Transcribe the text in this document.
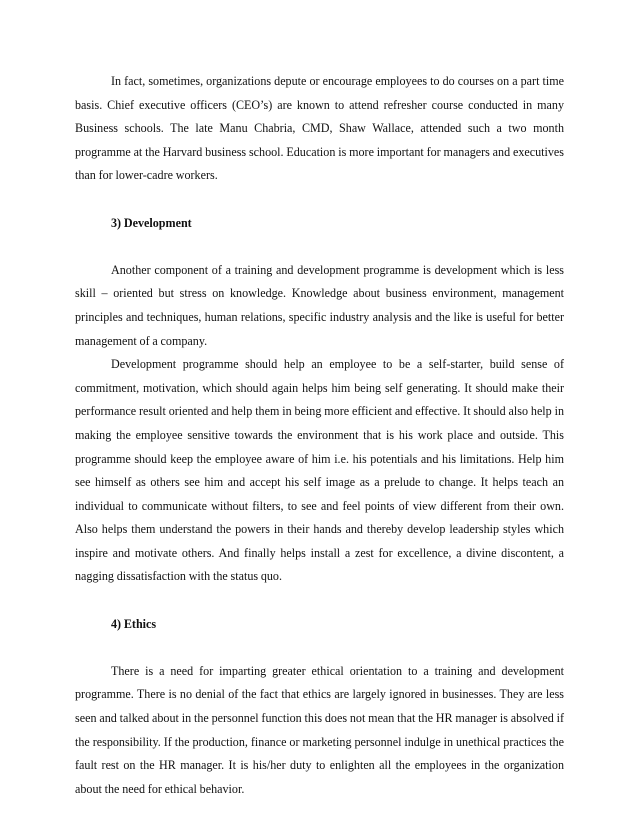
In fact, sometimes, organizations depute or encourage employees to do courses on a part time basis. Chief executive officers (CEO’s) are known to attend refresher course conducted in many Business schools. The late Manu Chabria, CMD, Shaw Wallace, attended such a two month programme at the Harvard business school. Education is more important for managers and executives than for lower-cadre workers.

3) Development

Another component of a training and development programme is development which is less skill – oriented but stress on knowledge. Knowledge about business environment, management principles and techniques, human relations, specific industry analysis and the like is useful for better management of a company.

Development programme should help an employee to be a self-starter, build sense of commitment, motivation, which should again helps him being self generating. It should make their performance result oriented and help them in being more efficient and effective. It should also help in making the employee sensitive towards the environment that is his work place and outside. This programme should keep the employee aware of him i.e. his potentials and his limitations. Help him see himself as others see him and accept his self image as a prelude to change. It helps teach an individual to communicate without filters, to see and feel points of view different from their own. Also helps them understand the powers in their hands and thereby develop leadership styles which inspire and motivate others. And finally helps install a zest for excellence, a divine discontent, a nagging dissatisfaction with the status quo.

4) Ethics

There is a need for imparting greater ethical orientation to a training and development programme. There is no denial of the fact that ethics are largely ignored in businesses. They are less seen and talked about in the personnel function this does not mean that the HR manager is absolved if the responsibility. If the production, finance or marketing personnel indulge in unethical practices the fault rest on the HR manager. It is his/her duty to enlighten all the employees in the organization about the need for ethical behavior.
